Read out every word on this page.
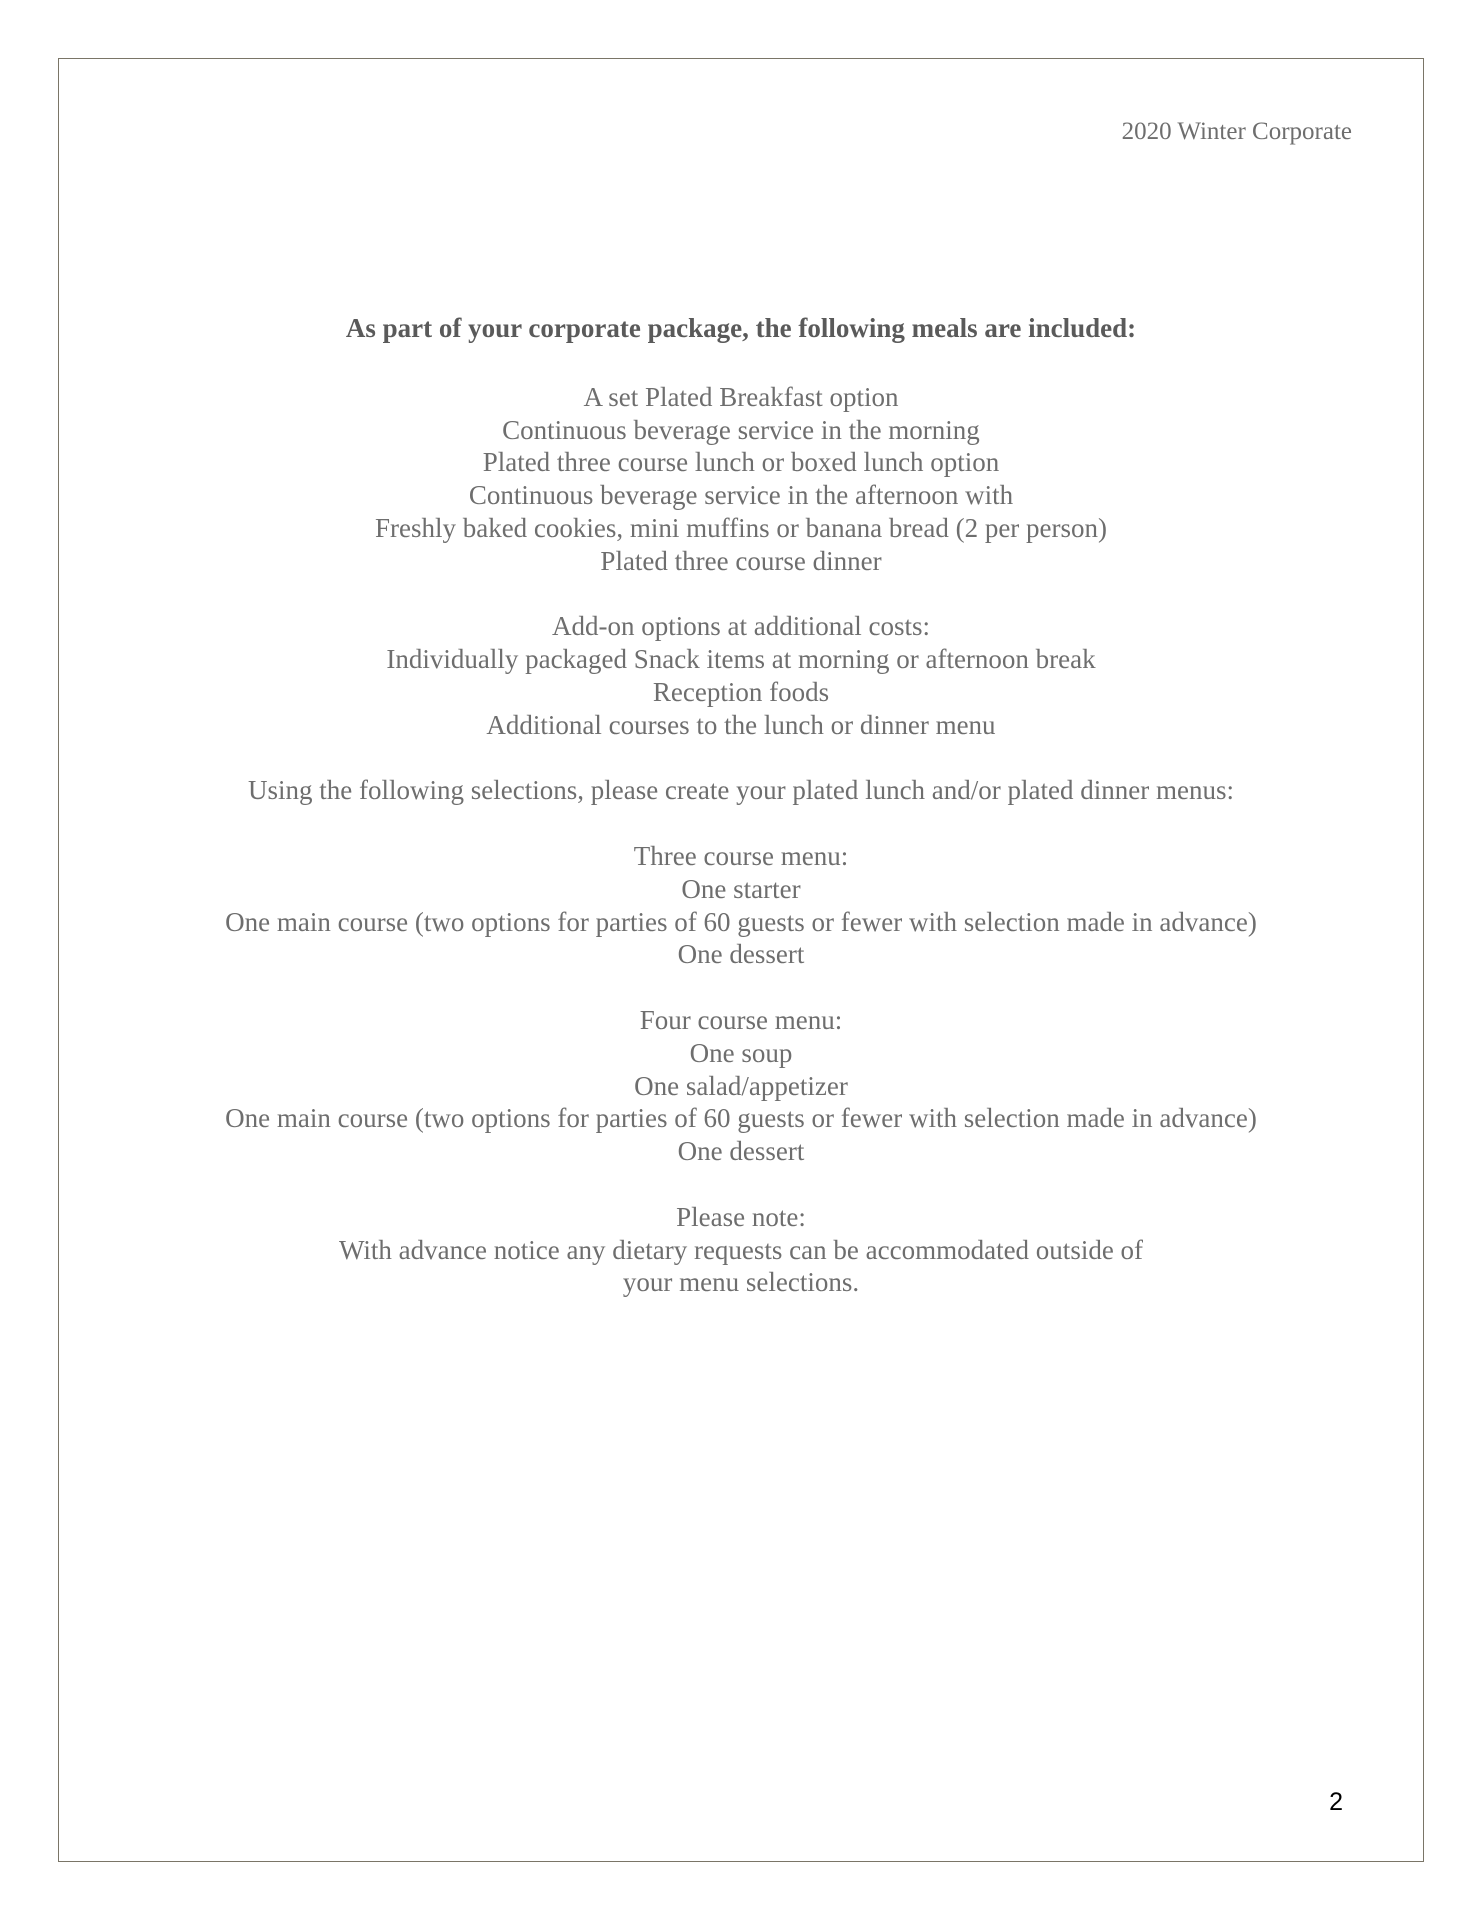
2020 Winter Corporate
As part of your corporate package, the following meals are included:
A set Plated Breakfast option
Continuous beverage service in the morning
Plated three course lunch or boxed lunch option
Continuous beverage service in the afternoon with
Freshly baked cookies, mini muffins or banana bread (2 per person)
Plated three course dinner
Add-on options at additional costs:
Individually packaged Snack items at morning or afternoon break
Reception foods
Additional courses to the lunch or dinner menu
Using the following selections, please create your plated lunch and/or plated dinner menus:
Three course menu:
One starter
One main course (two options for parties of 60 guests or fewer with selection made in advance)
One dessert
Four course menu:
One soup
One salad/appetizer
One main course (two options for parties of 60 guests or fewer with selection made in advance)
One dessert
Please note:
With advance notice any dietary requests can be accommodated outside of
your menu selections.
2
